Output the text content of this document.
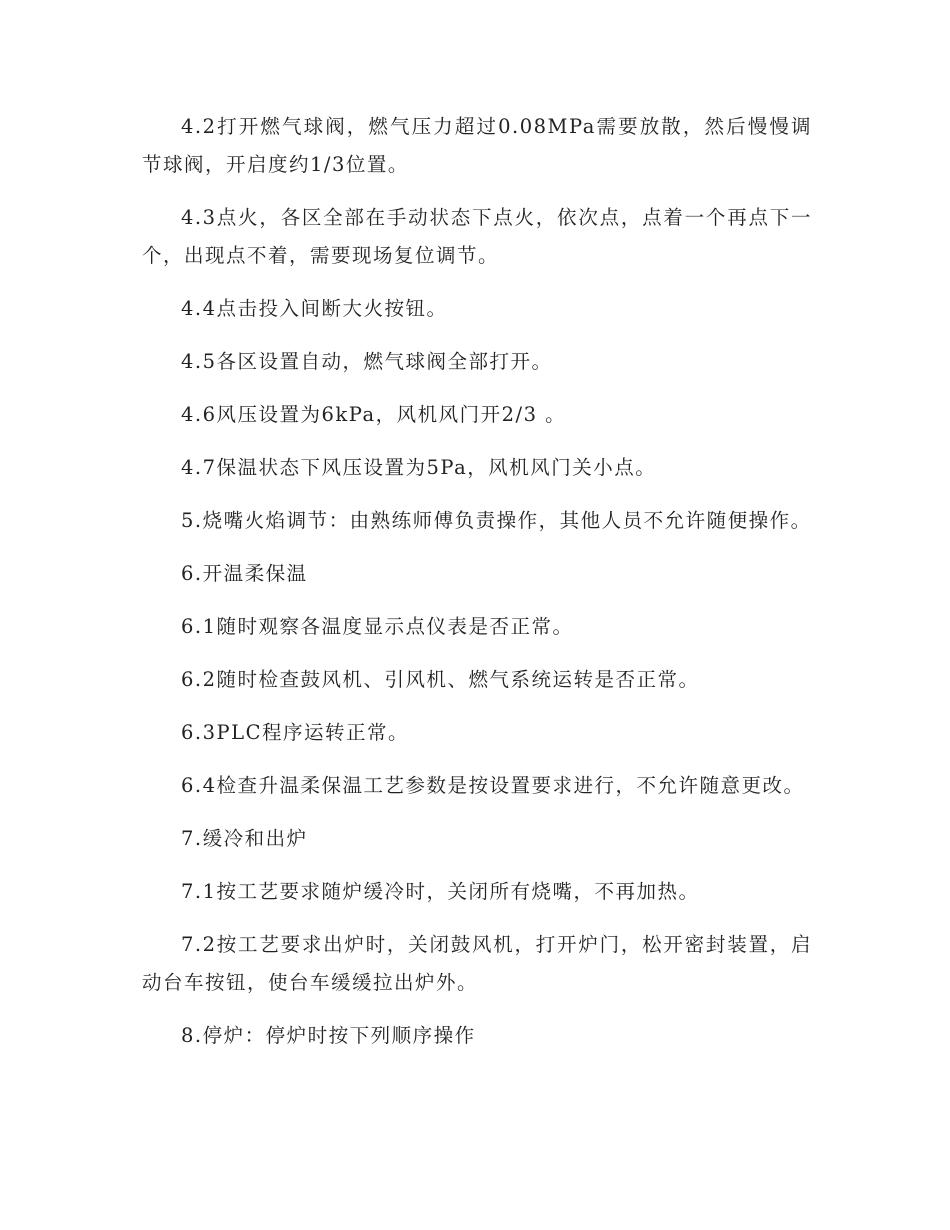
4.2打开燃气球阀，燃气压力超过0.08MPa需要放散，然后慢慢调节球阀，开启度约1/3位置。

4.3点火，各区全部在手动状态下点火，依次点，点着一个再点下一个，出现点不着，需要现场复位调节。

4.4点击投入间断大火按钮。

4.5各区设置自动，燃气球阀全部打开。

4.6风压设置为6kPa，风机风门开2/3 。

4.7保温状态下风压设置为5Pa，风机风门关小点。

5.烧嘴火焰调节：由熟练师傅负责操作，其他人员不允许随便操作。

6.开温柔保温

6.1随时观察各温度显示点仪表是否正常。

6.2随时检查鼓风机、引风机、燃气系统运转是否正常。

6.3PLC程序运转正常。

6.4检查升温柔保温工艺参数是按设置要求进行，不允许随意更改。

7.缓冷和出炉

7.1按工艺要求随炉缓冷时，关闭所有烧嘴，不再加热。

7.2按工艺要求出炉时，关闭鼓风机，打开炉门，松开密封装置，启动台车按钮，使台车缓缓拉出炉外。

8.停炉：停炉时按下列顺序操作
